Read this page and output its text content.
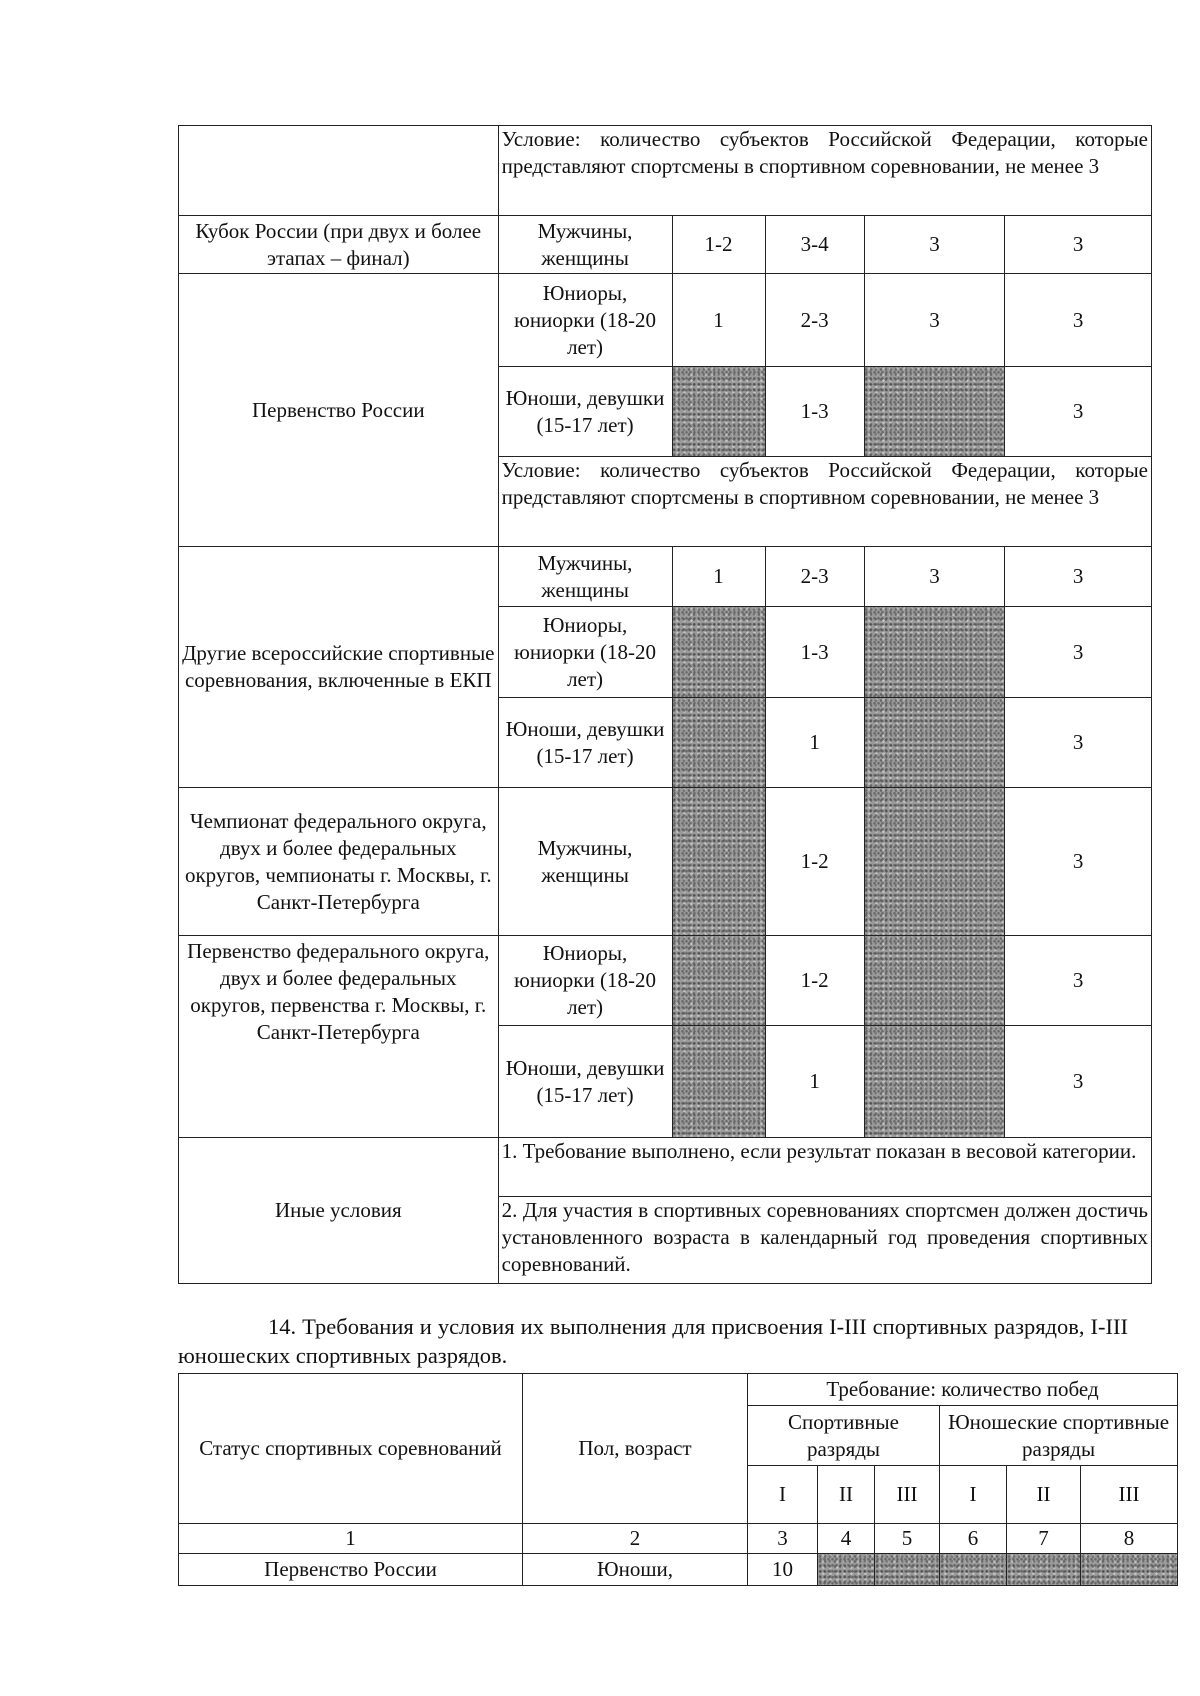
	Условие: количество субъектов Российской Федерации, которые представляют спортсмены в спортивном соревновании, не менее 3				
Кубок России (при двух и более этапах – финал)	Мужчины, женщины	1-2	3-4	3	3
Первенство России	Юниоры, юниорки (18-20 лет)	1	2-3	3	3
	Юноши, девушки (15-17 лет)		1-3		3
	Условие: количество субъектов Российской Федерации, которые представляют спортсмены в спортивном соревновании, не менее 3				
Другие всероссийские спортивные соревнования, включенные в ЕКП	Мужчины, женщины	1	2-3	3	3
	Юниоры, юниорки (18-20 лет)		1-3		3
	Юноши, девушки (15-17 лет)		1		3
Чемпионат федерального округа, двух и более федеральных округов, чемпионаты г. Москвы, г. Санкт-Петербурга	Мужчины, женщины		1-2		3
Первенство федерального округа, двух и более федеральных округов, первенства г. Москвы, г. Санкт-Петербурга	Юниоры, юниорки (18-20 лет)		1-2		3
	Юноши, девушки (15-17 лет)		1		3
Иные условия	1. Требование выполнено, если результат показан в весовой категории.				
	2. Для участия в спортивных соревнованиях спортсмен должен достичь установленного возраста в календарный год проведения спортивных соревнований.				
14. Требования и условия их выполнения для присвоения I-III спортивных разрядов, I-III юношеских спортивных разрядов.
Статус спортивных соревнований	Пол, возраст	Требование: количество побед					
		Спортивные разряды			Юношеские спортивные разряды		
		I	II	III	I	II	III
1	2	3	4	5	6	7	8
Первенство России	Юноши,	10					
